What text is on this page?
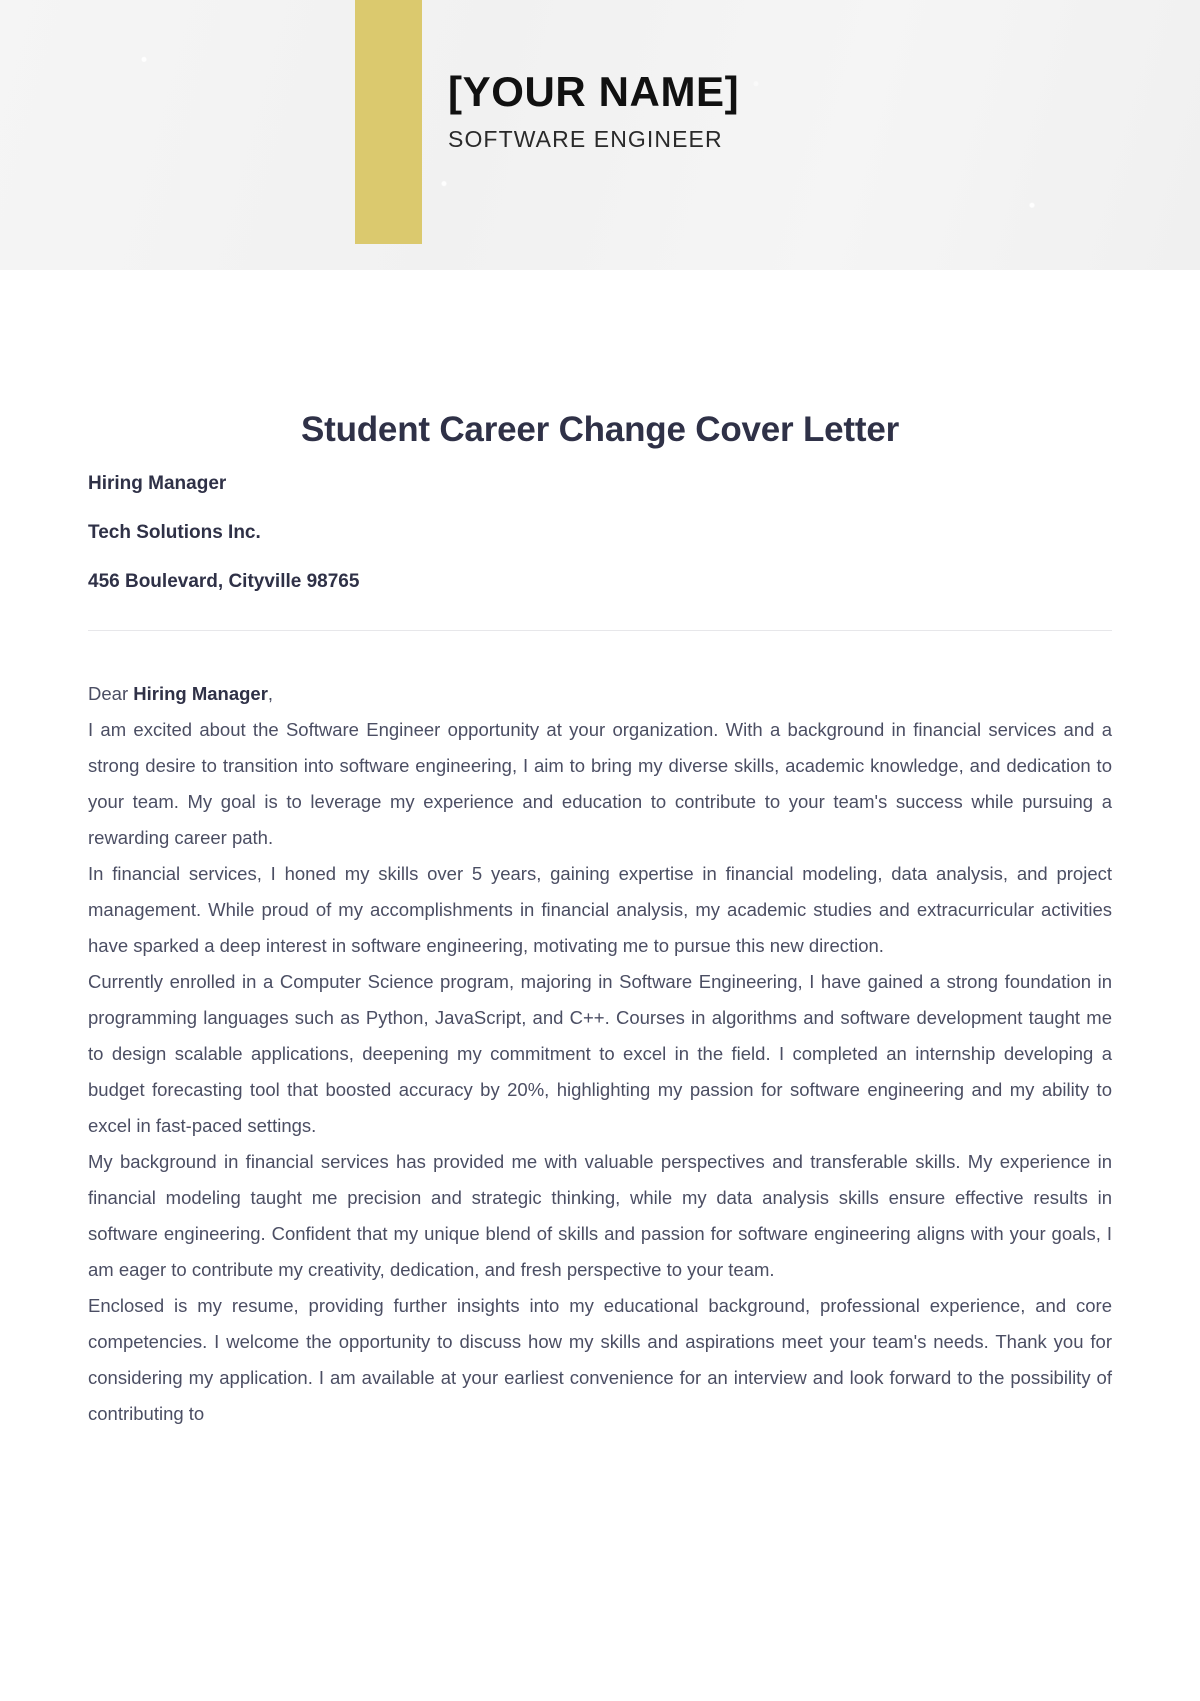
[YOUR NAME]
SOFTWARE ENGINEER
Student Career Change Cover Letter
Hiring Manager
Tech Solutions Inc.
456 Boulevard, Cityville 98765

Dear Hiring Manager,

I am excited about the Software Engineer opportunity at your organization. With a background in financial services and a strong desire to transition into software engineering, I aim to bring my diverse skills, academic knowledge, and dedication to your team. My goal is to leverage my experience and education to contribute to your team's success while pursuing a rewarding career path.

In financial services, I honed my skills over 5 years, gaining expertise in financial modeling, data analysis, and project management. While proud of my accomplishments in financial analysis, my academic studies and extracurricular activities have sparked a deep interest in software engineering, motivating me to pursue this new direction.

Currently enrolled in a Computer Science program, majoring in Software Engineering, I have gained a strong foundation in programming languages such as Python, JavaScript, and C++. Courses in algorithms and software development taught me to design scalable applications, deepening my commitment to excel in the field. I completed an internship developing a budget forecasting tool that boosted accuracy by 20%, highlighting my passion for software engineering and my ability to excel in fast-paced settings.

My background in financial services has provided me with valuable perspectives and transferable skills. My experience in financial modeling taught me precision and strategic thinking, while my data analysis skills ensure effective results in software engineering. Confident that my unique blend of skills and passion for software engineering aligns with your goals, I am eager to contribute my creativity, dedication, and fresh perspective to your team.

Enclosed is my resume, providing further insights into my educational background, professional experience, and core competencies. I welcome the opportunity to discuss how my skills and aspirations meet your team's needs. Thank you for considering my application. I am available at your earliest convenience for an interview and look forward to the possibility of contributing to
